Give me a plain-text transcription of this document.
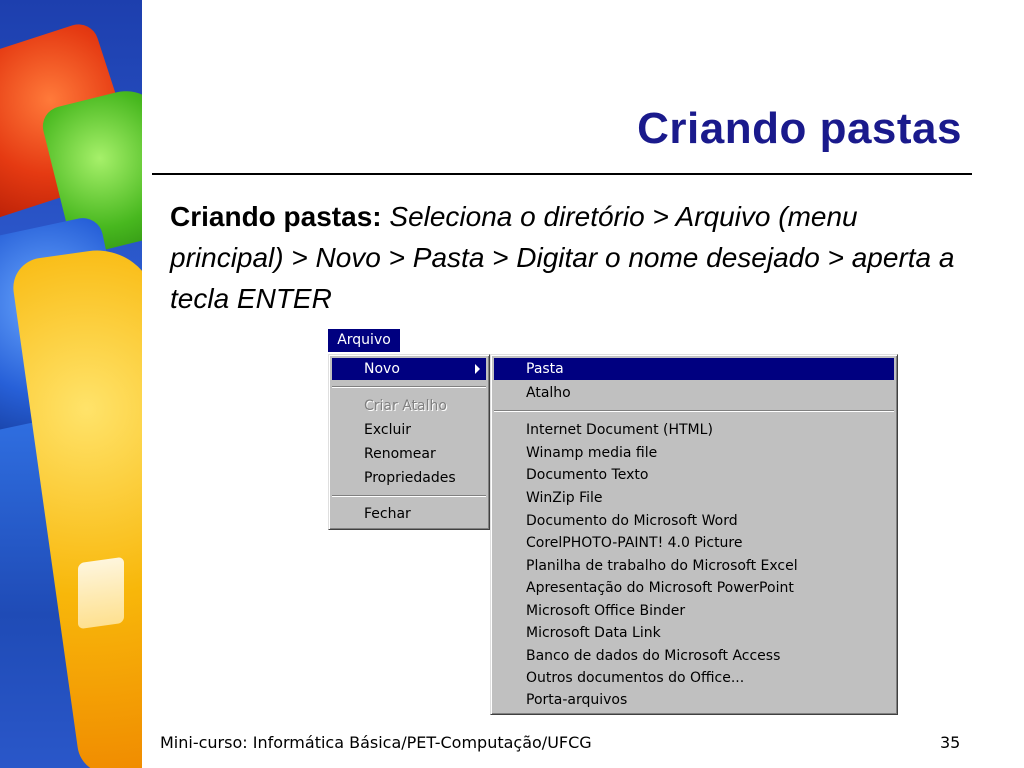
Criando pastas
Criando pastas: Seleciona o diretório > Arquivo (menu principal) > Novo > Pasta > Digitar o nome desejado > aperta a tecla ENTER
Arquivo
Novo
Criar Atalho
Excluir
Renomear
Propriedades
Fechar
Pasta
Atalho
Internet Document (HTML)
Winamp media file
Documento Texto
WinZip File
Documento do Microsoft Word
CorelPHOTO-PAINT! 4.0 Picture
Planilha de trabalho do Microsoft Excel
Apresentação do Microsoft PowerPoint
Microsoft Office Binder
Microsoft Data Link
Banco de dados do Microsoft Access
Outros documentos do Office...
Porta-arquivos
Mini-curso: Informática Básica/PET-Computação/UFCG	35
